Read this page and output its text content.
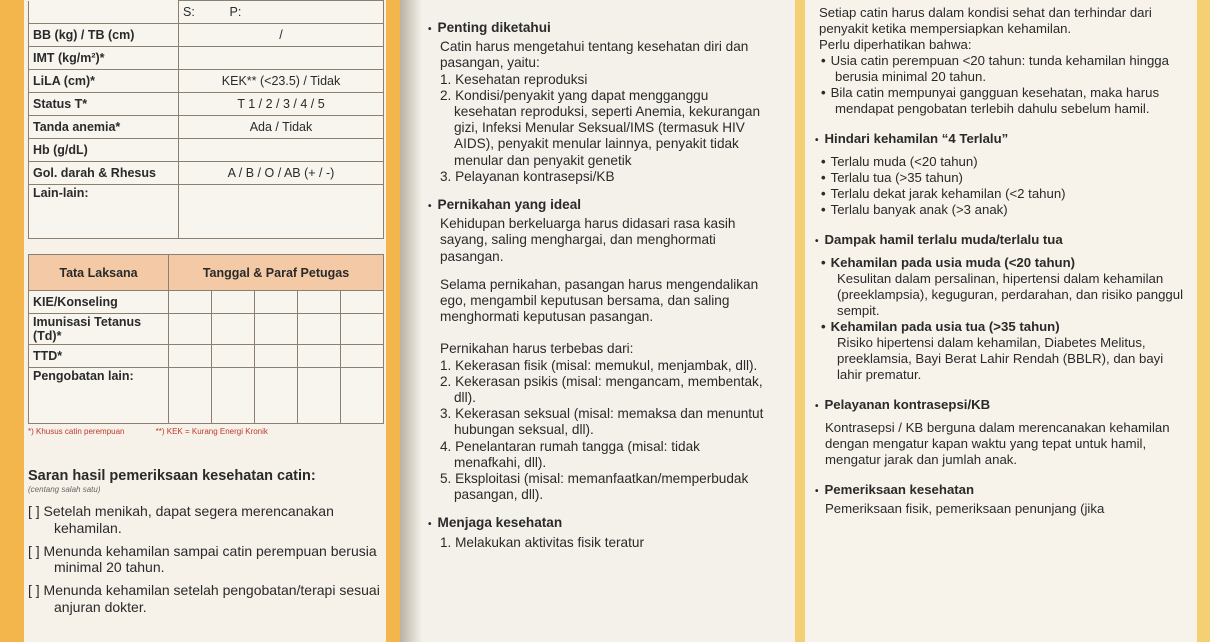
	S: P:
BB (kg) / TB (cm)	/
IMT (kg/m²)*	
LiLA (cm)*	KEK** (<23.5) / Tidak
Status T*	T 1 / 2 / 3 / 4 / 5
Tanda anemia*	Ada / Tidak
Hb (g/dL)	
Gol. darah & Rhesus	A / B / O / AB (+ / -)
Lain-lain:	
Tata Laksana	Tanggal & Paraf Petugas				
KIE/Konseling					
Imunisasi Tetanus (Td)*					
TTD*					
Pengobatan lain:					
*) Khusus catin perempuan	**) KEK = Kurang Energi Kronik
Saran hasil pemeriksaan kesehatan catin:
(centang salah satu)
[ ] Setelah menikah, dapat segera merencanakan kehamilan.
[ ] Menunda kehamilan sampai catin perempuan berusia minimal 20 tahun.
[ ] Menunda kehamilan setelah pengobatan/terapi sesuai anjuran dokter.
• Penting diketahui

Catin harus mengetahui tentang kesehatan diri dan pasangan, yaitu:

1. Kesehatan reproduksi
2. Kondisi/penyakit yang dapat mengganggu kesehatan reproduksi, seperti Anemia, kekurangan gizi, Infeksi Menular Seksual/IMS (termasuk HIV AIDS), penyakit menular lainnya, penyakit tidak menular dan penyakit genetik
3. Pelayanan kontrasepsi/KB
• Pernikahan yang ideal

Kehidupan berkeluarga harus didasari rasa kasih sayang, saling menghargai, dan menghormati pasangan.

Selama pernikahan, pasangan harus mengendalikan ego, mengambil keputusan bersama, dan saling menghormati keputusan pasangan.

Pernikahan harus terbebas dari:

1. Kekerasan fisik (misal: memukul, menjambak, dll).
2. Kekerasan psikis (misal: mengancam, membentak, dll).
3. Kekerasan seksual (misal: memaksa dan menuntut hubungan seksual, dll).
4. Penelantaran rumah tangga (misal: tidak menafkahi, dll).
5. Eksploitasi (misal: memanfaatkan/memperbudak pasangan, dll).
• Menjaga kesehatan
1. Melakukan aktivitas fisik teratur

Setiap catin harus dalam kondisi sehat dan terhindar dari penyakit ketika mempersiapkan kehamilan.

Perlu diperhatikan bahwa:

• Usia catin perempuan <20 tahun: tunda kehamilan hingga berusia minimal 20 tahun.
• Bila catin mempunyai gangguan kesehatan, maka harus mendapat pengobatan terlebih dahulu sebelum hamil.
• Hindari kehamilan “4 Terlalu”
• Terlalu muda (<20 tahun)
• Terlalu tua (>35 tahun)
• Terlalu dekat jarak kehamilan (<2 tahun)
• Terlalu banyak anak (>3 anak)
• Dampak hamil terlalu muda/terlalu tua
• Kehamilan pada usia muda (<20 tahun)

Kesulitan dalam persalinan, hipertensi dalam kehamilan (preeklampsia), keguguran, perdarahan, dan risiko panggul sempit.

• Kehamilan pada usia tua (>35 tahun)

Risiko hipertensi dalam kehamilan, Diabetes Melitus, preeklamsia, Bayi Berat Lahir Rendah (BBLR), dan bayi lahir prematur.

• Pelayanan kontrasepsi/KB

Kontrasepsi / KB berguna dalam merencanakan kehamilan dengan mengatur kapan waktu yang tepat untuk hamil, mengatur jarak dan jumlah anak.

• Pemeriksaan kesehatan

Pemeriksaan fisik, pemeriksaan penunjang (jika
